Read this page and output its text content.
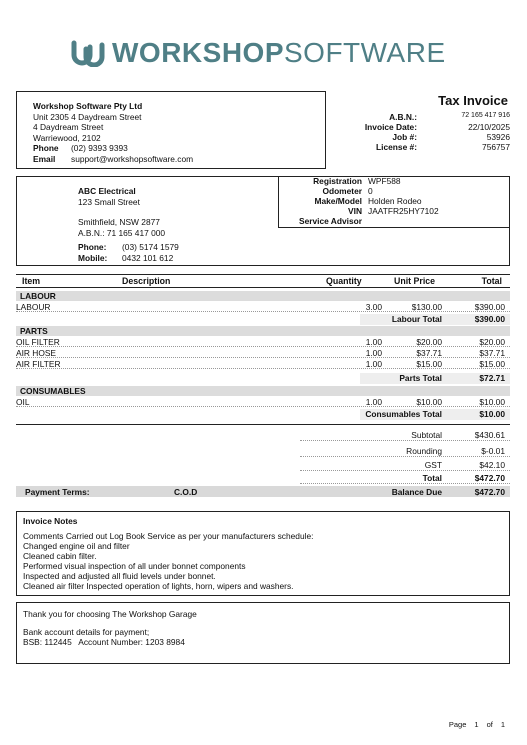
WORKSHOP SOFTWARE
Workshop Software Pty Ltd
Unit 2305 4 Daydream Street
4 Daydream Street
Warriewood, 2102
Phone	(02) 9393 9393
Email	support@workshopsoftware.com
Tax Invoice
A.B.N.:	72 165 417 916
Invoice Date:	22/10/2025
Job #:	53926
License #:	756757
ABC Electrical
123 Small Street
Smithfield, NSW 2877
A.B.N.: 71 165 417 000
Phone:	(03) 5174 1579
Mobile:	0432 101 612
Registration WPF588
Odometer 0
Make/Model Holden Rodeo
VIN JAATFR25HY7102
Service Advisor
Item	Description	Quantity	Unit Price	Total
LABOUR
LABOUR	3.00	$130.00	$390.00
Labour Total	$390.00
PARTS
OIL FILTER	1.00	$20.00	$20.00
AIR HOSE	1.00	$37.71	$37.71
AIR FILTER	1.00	$15.00	$15.00
Parts Total	$72.71
CONSUMABLES
OIL	1.00	$10.00	$10.00
Consumables Total	$10.00
Subtotal	$430.61
Rounding	$-0.01
GST	$42.10
Total	$472.70
Payment Terms:	C.O.D	Balance Due	$472.70
Invoice Notes
Comments Carried out Log Book Service as per your manufacturers schedule:
Changed engine oil and filter
Cleaned cabin filter.
Performed visual inspection of all under bonnet components
Inspected and adjusted all fluid levels under bonnet.
Cleaned air filter Inspected operation of lights, horn, wipers and washers.
Thank you for choosing The Workshop Garage
Bank account details for payment;
BSB: 112445   Account Number: 1203 8984
Page 1 of 1
